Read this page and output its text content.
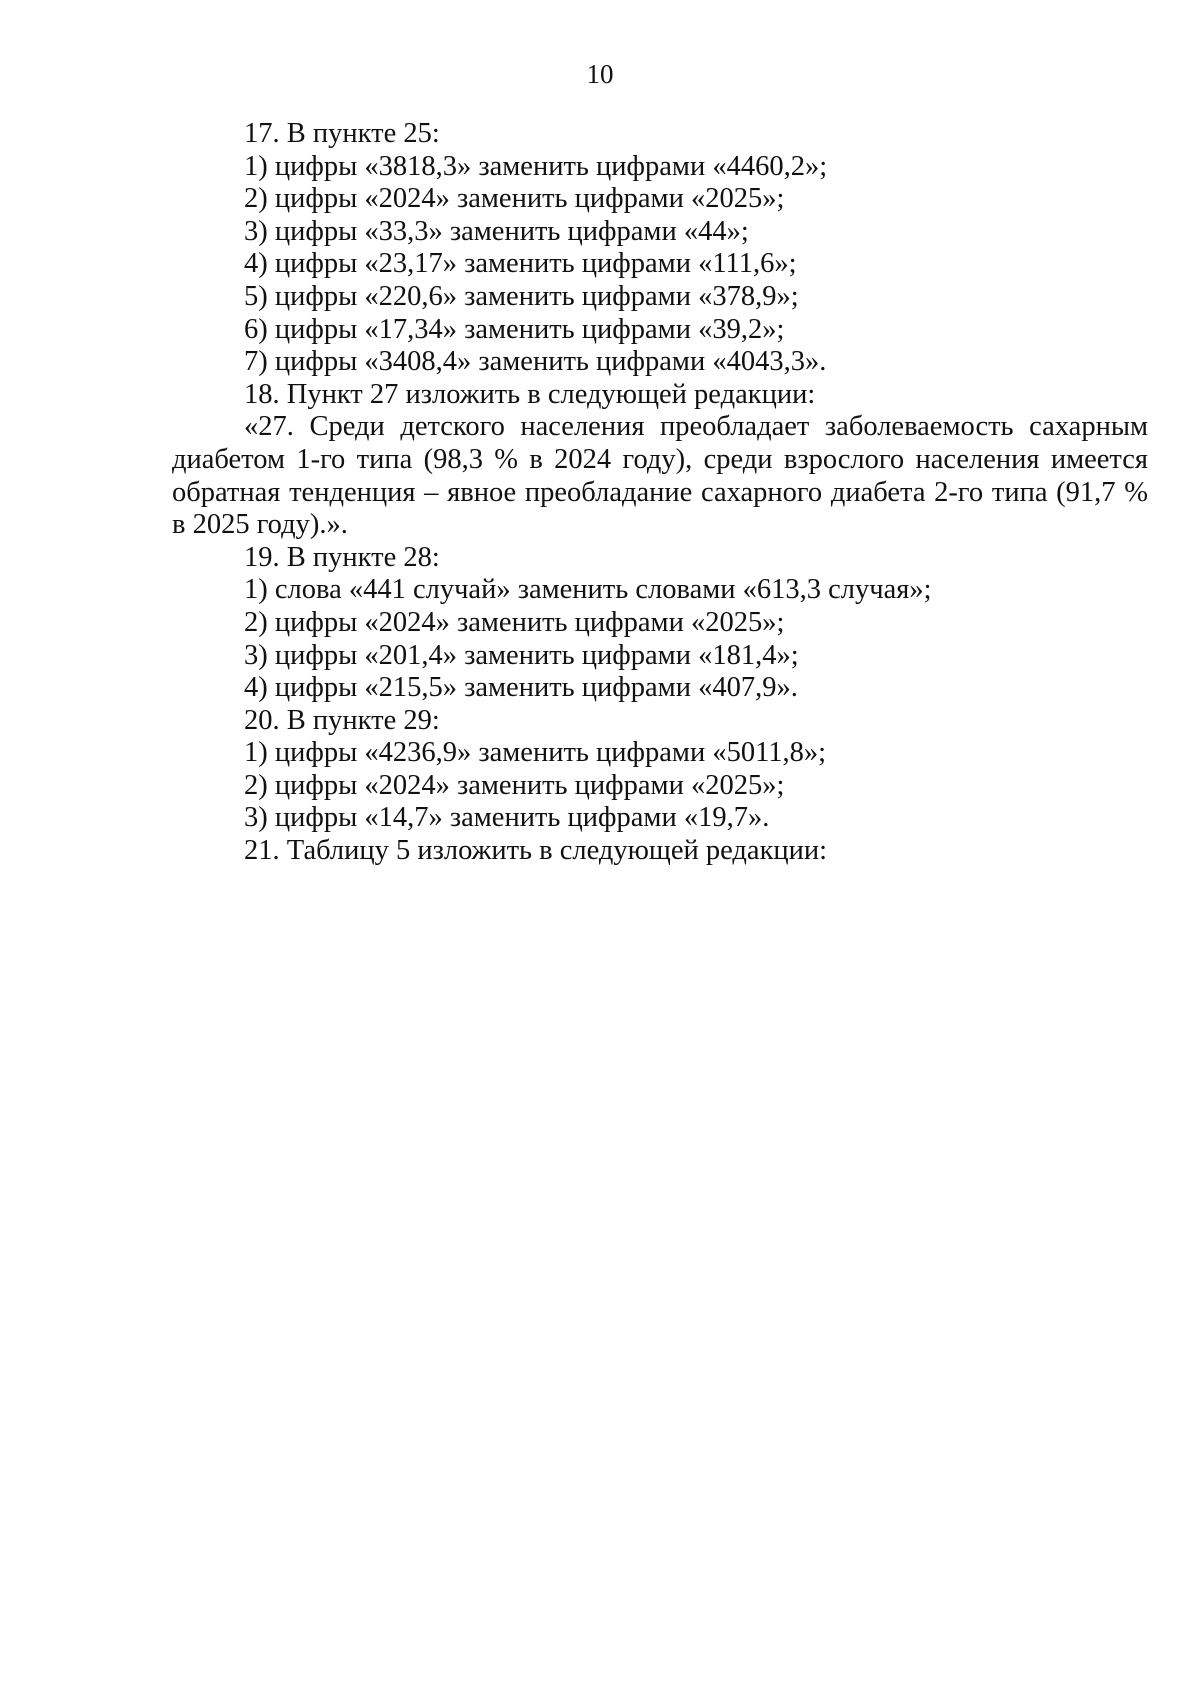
10
17. В пункте 25:
1) цифры «3818,3» заменить цифрами «4460,2»;
2) цифры «2024» заменить цифрами «2025»;
3) цифры «33,3» заменить цифрами «44»;
4) цифры «23,17» заменить цифрами «111,6»;
5) цифры «220,6» заменить цифрами «378,9»;
6) цифры «17,34» заменить цифрами «39,2»;
7) цифры «3408,4» заменить цифрами «4043,3».
18. Пункт 27 изложить в следующей редакции:

«27. Среди детского населения преобладает заболеваемость сахарным диабетом 1-го типа (98,3 % в 2024 году), среди взрослого населения имеется обратная тенденция – явное преобладание сахарного диабета 2-го типа (91,7 % в 2025 году).».

19. В пункте 28:
1) слова «441 случай» заменить словами «613,3 случая»;
2) цифры «2024» заменить цифрами «2025»;
3) цифры «201,4» заменить цифрами «181,4»;
4) цифры «215,5» заменить цифрами «407,9».
20. В пункте 29:
1) цифры «4236,9» заменить цифрами «5011,8»;
2) цифры «2024» заменить цифрами «2025»;
3) цифры «14,7» заменить цифрами «19,7».
21. Таблицу 5 изложить в следующей редакции:
